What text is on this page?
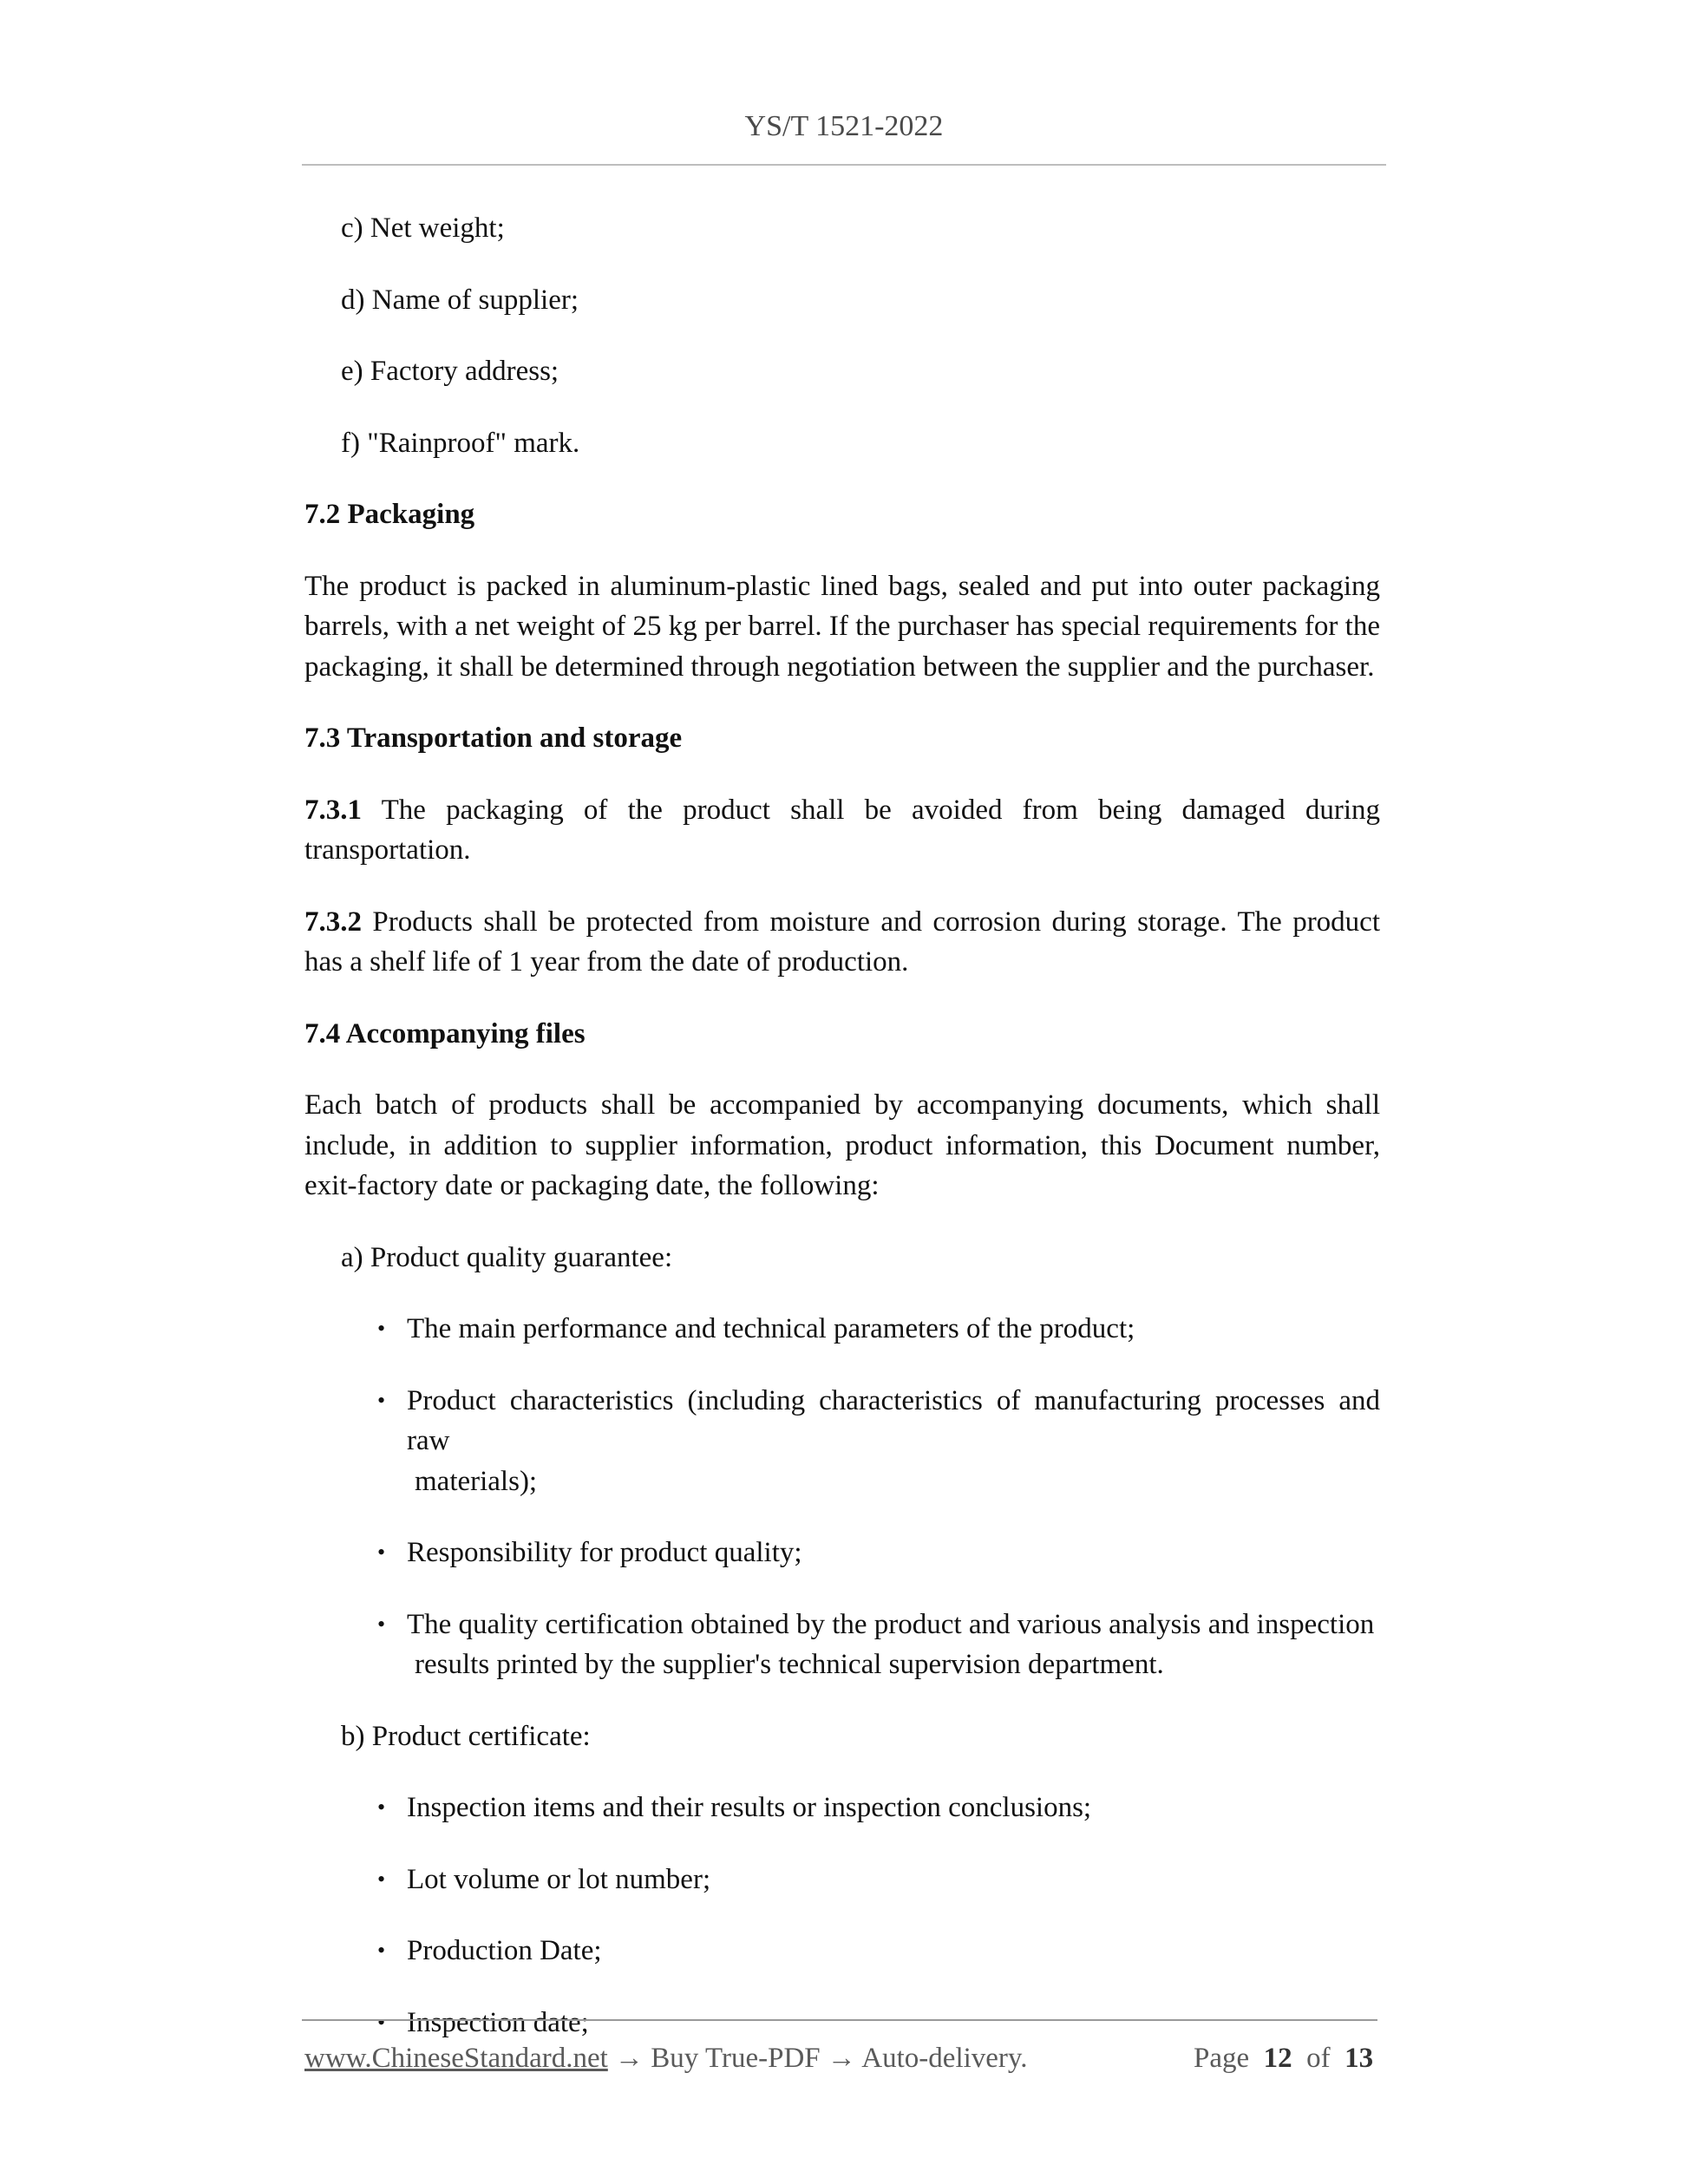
YS/T 1521-2022
c) Net weight;
d) Name of supplier;
e) Factory address;
f) "Rainproof" mark.
7.2 Packaging
The product is packed in aluminum-plastic lined bags, sealed and put into outer packaging barrels, with a net weight of 25 kg per barrel. If the purchaser has special requirements for the packaging, it shall be determined through negotiation between the supplier and the purchaser.
7.3 Transportation and storage
7.3.1 The packaging of the product shall be avoided from being damaged during transportation.
7.3.2 Products shall be protected from moisture and corrosion during storage. The product has a shelf life of 1 year from the date of production.
7.4 Accompanying files
Each batch of products shall be accompanied by accompanying documents, which shall include, in addition to supplier information, product information, this Document number, exit-factory date or packaging date, the following:
a) Product quality guarantee:
• The main performance and technical parameters of the product;
• Product characteristics (including characteristics of manufacturing processes and raw
materials);
• Responsibility for product quality;
• The quality certification obtained by the product and various analysis and inspection
results printed by the supplier's technical supervision department.
b) Product certificate:
• Inspection items and their results or inspection conclusions;
• Lot volume or lot number;
• Production Date;
• Inspection date;
www.ChineseStandard.net → Buy True-PDF → Auto-delivery.	Page 12 of 13
